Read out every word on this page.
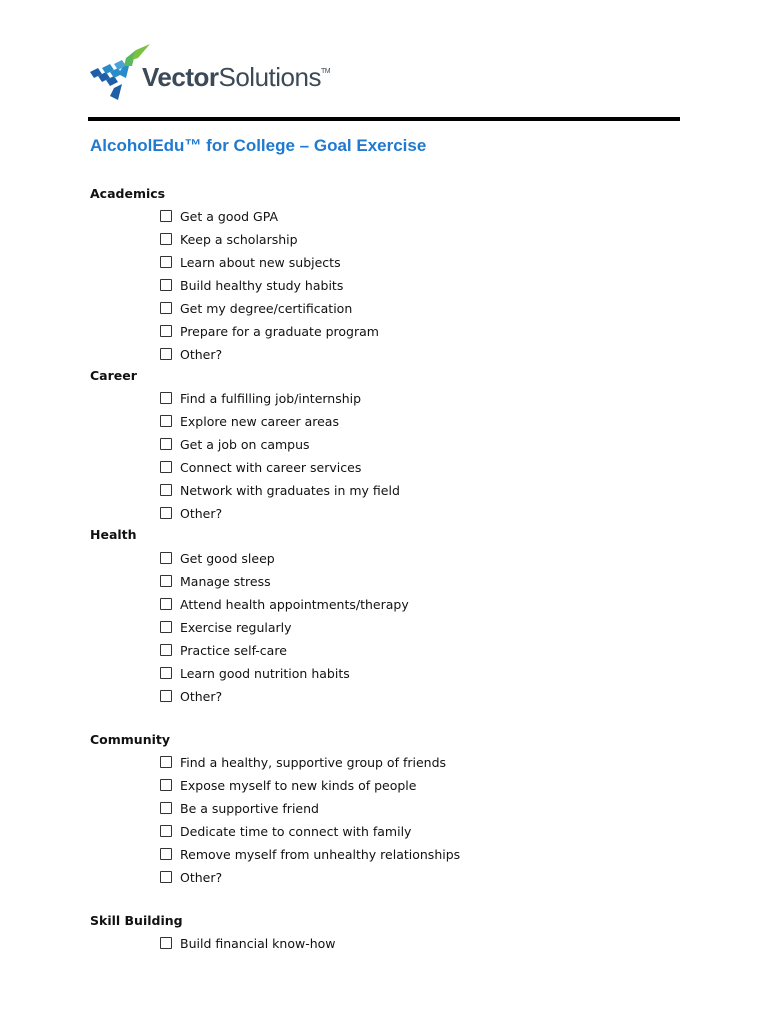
VectorSolutions™
AlcoholEdu™ for College – Goal Exercise
Academics
Get a good GPA
Keep a scholarship
Learn about new subjects
Build healthy study habits
Get my degree/certification
Prepare for a graduate program
Other?
Career
Find a fulfilling job/internship
Explore new career areas
Get a job on campus
Connect with career services
Network with graduates in my field
Other?
Health
Get good sleep
Manage stress
Attend health appointments/therapy
Exercise regularly
Practice self-care
Learn good nutrition habits
Other?
Community
Find a healthy, supportive group of friends
Expose myself to new kinds of people
Be a supportive friend
Dedicate time to connect with family
Remove myself from unhealthy relationships
Other?
Skill Building
Build financial know-how
